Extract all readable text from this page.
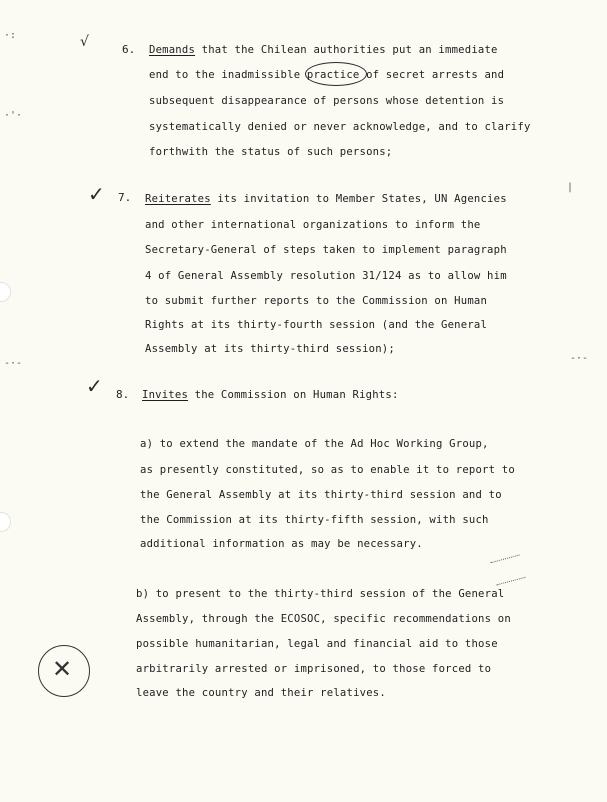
√
✓
✓
6. Demands that the Chilean authorities put an immediate
end to the inadmissible practice of secret arrests and
subsequent disappearance of persons whose detention is
systematically denied or never acknowledge, and to clarify
forthwith the status of such persons;
7. Reiterates its invitation to Member States, UN Agencies
and other international organizations to inform the
Secretary-General of steps taken to implement paragraph
4 of General Assembly resolution 31/124 as to allow him
to submit further reports to the Commission on Human
Rights at its thirty-fourth session (and the General
Assembly at its thirty-third session);
8. Invites the Commission on Human Rights:
a) to extend the mandate of the Ad Hoc Working Group,
as presently constituted, so as to enable it to report to
the General Assembly at its thirty-third session and to
the Commission at its thirty-fifth session, with such
additional information as may be necessary.
b) to present to the thirty-third session of the General
Assembly, through the ECOSOC, specific recommendations on
possible humanitarian, legal and financial aid to those
arbitrarily arrested or imprisoned, to those forced to
leave the country and their relatives.
✕
·:
·'·
-·-
|
-·-
